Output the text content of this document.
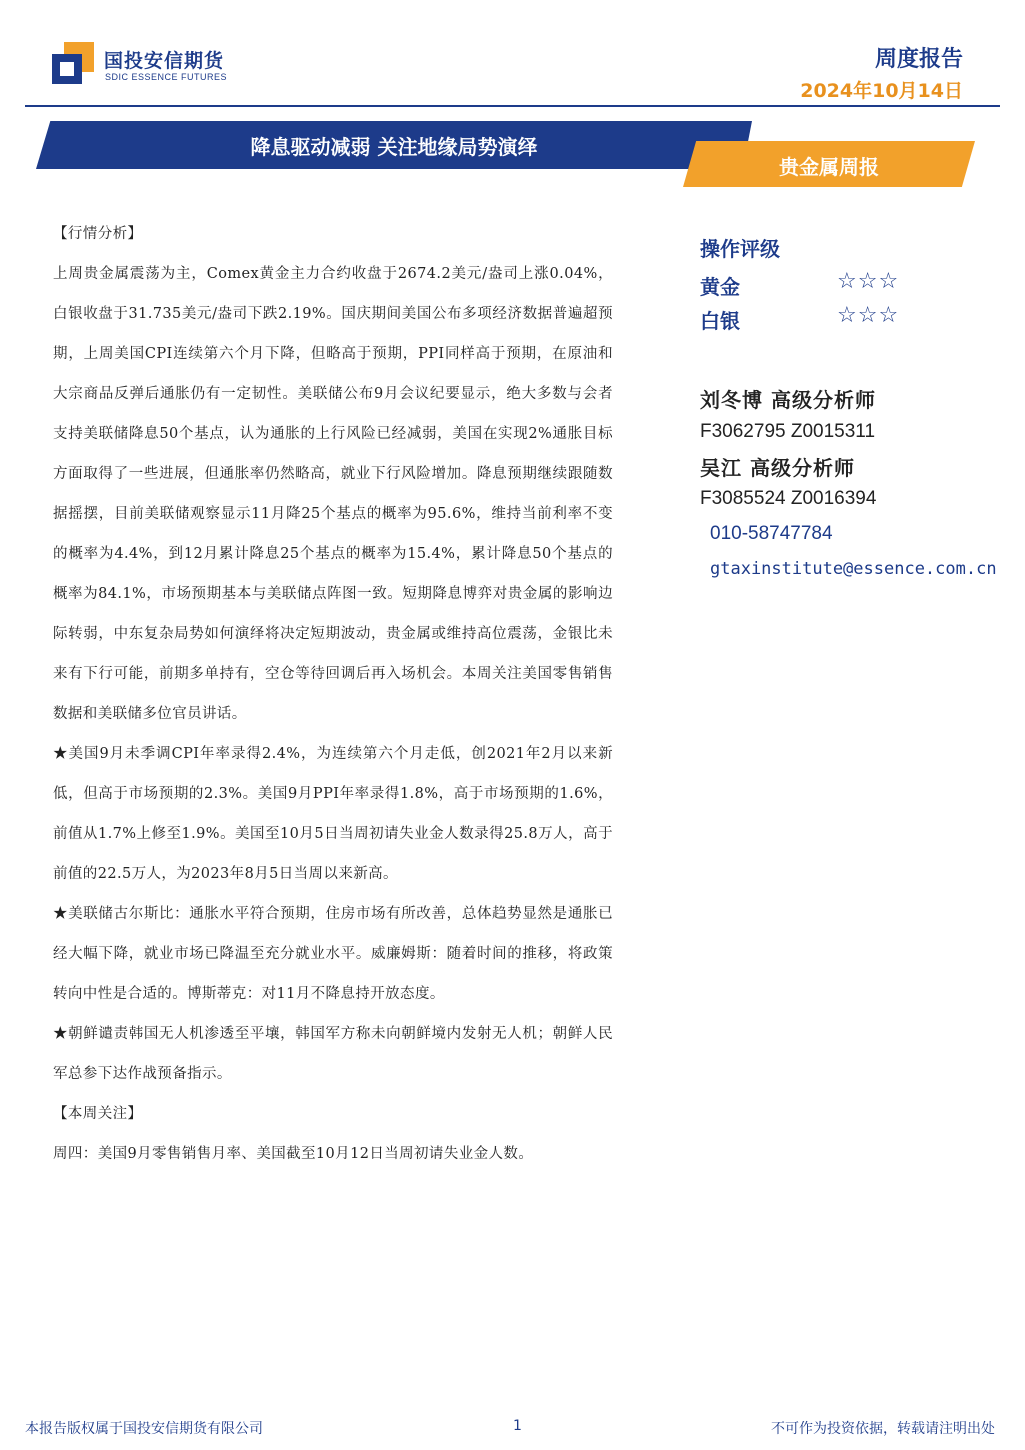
国投安信期货
SDIC ESSENCE FUTURES
周度报告
2024年10月14日
降息驱动减弱 关注地缘局势演绎
贵金属周报

【行情分析】

上周贵金属震荡为主，Comex黄金主力合约收盘于2674.2美元/盎司上涨0.04%，白银收盘于31.735美元/盎司下跌2.19%。国庆期间美国公布多项经济数据普遍超预期，上周美国CPI连续第六个月下降，但略高于预期，PPI同样高于预期，在原油和大宗商品反弹后通胀仍有一定韧性。美联储公布9月会议纪要显示，绝大多数与会者支持美联储降息50个基点，认为通胀的上行风险已经减弱，美国在实现2%通胀目标方面取得了一些进展，但通胀率仍然略高，就业下行风险增加。降息预期继续跟随数据摇摆，目前美联储观察显示11月降25个基点的概率为95.6%，维持当前利率不变的概率为4.4%，到12月累计降息25个基点的概率为15.4%，累计降息50个基点的概率为84.1%，市场预期基本与美联储点阵图一致。短期降息博弈对贵金属的影响边际转弱，中东复杂局势如何演绎将决定短期波动，贵金属或维持高位震荡，金银比未来有下行可能，前期多单持有，空仓等待回调后再入场机会。本周关注美国零售销售数据和美联储多位官员讲话。

★美国9月未季调CPI年率录得2.4%，为连续第六个月走低，创2021年2月以来新低，但高于市场预期的2.3%。美国9月PPI年率录得1.8%，高于市场预期的1.6%，前值从1.7%上修至1.9%。美国至10月5日当周初请失业金人数录得25.8万人，高于前值的22.5万人，为2023年8月5日当周以来新高。

★美联储古尔斯比：通胀水平符合预期，住房市场有所改善，总体趋势显然是通胀已经大幅下降，就业市场已降温至充分就业水平。威廉姆斯：随着时间的推移，将政策转向中性是合适的。博斯蒂克：对11月不降息持开放态度。

★朝鲜谴责韩国无人机渗透至平壤，韩国军方称未向朝鲜境内发射无人机；朝鲜人民军总参下达作战预备指示。

【本周关注】

周四：美国9月零售销售月率、美国截至10月12日当周初请失业金人数。

操作评级
黄金	☆☆☆
白银	☆☆☆
刘冬博 高级分析师
F3062795 Z0015311
吴江 高级分析师
F3085524 Z0016394
010-58747784
gtaxinstitute@essence.com.cn
本报告版权属于国投安信期货有限公司	1	不可作为投资依据，转载请注明出处
